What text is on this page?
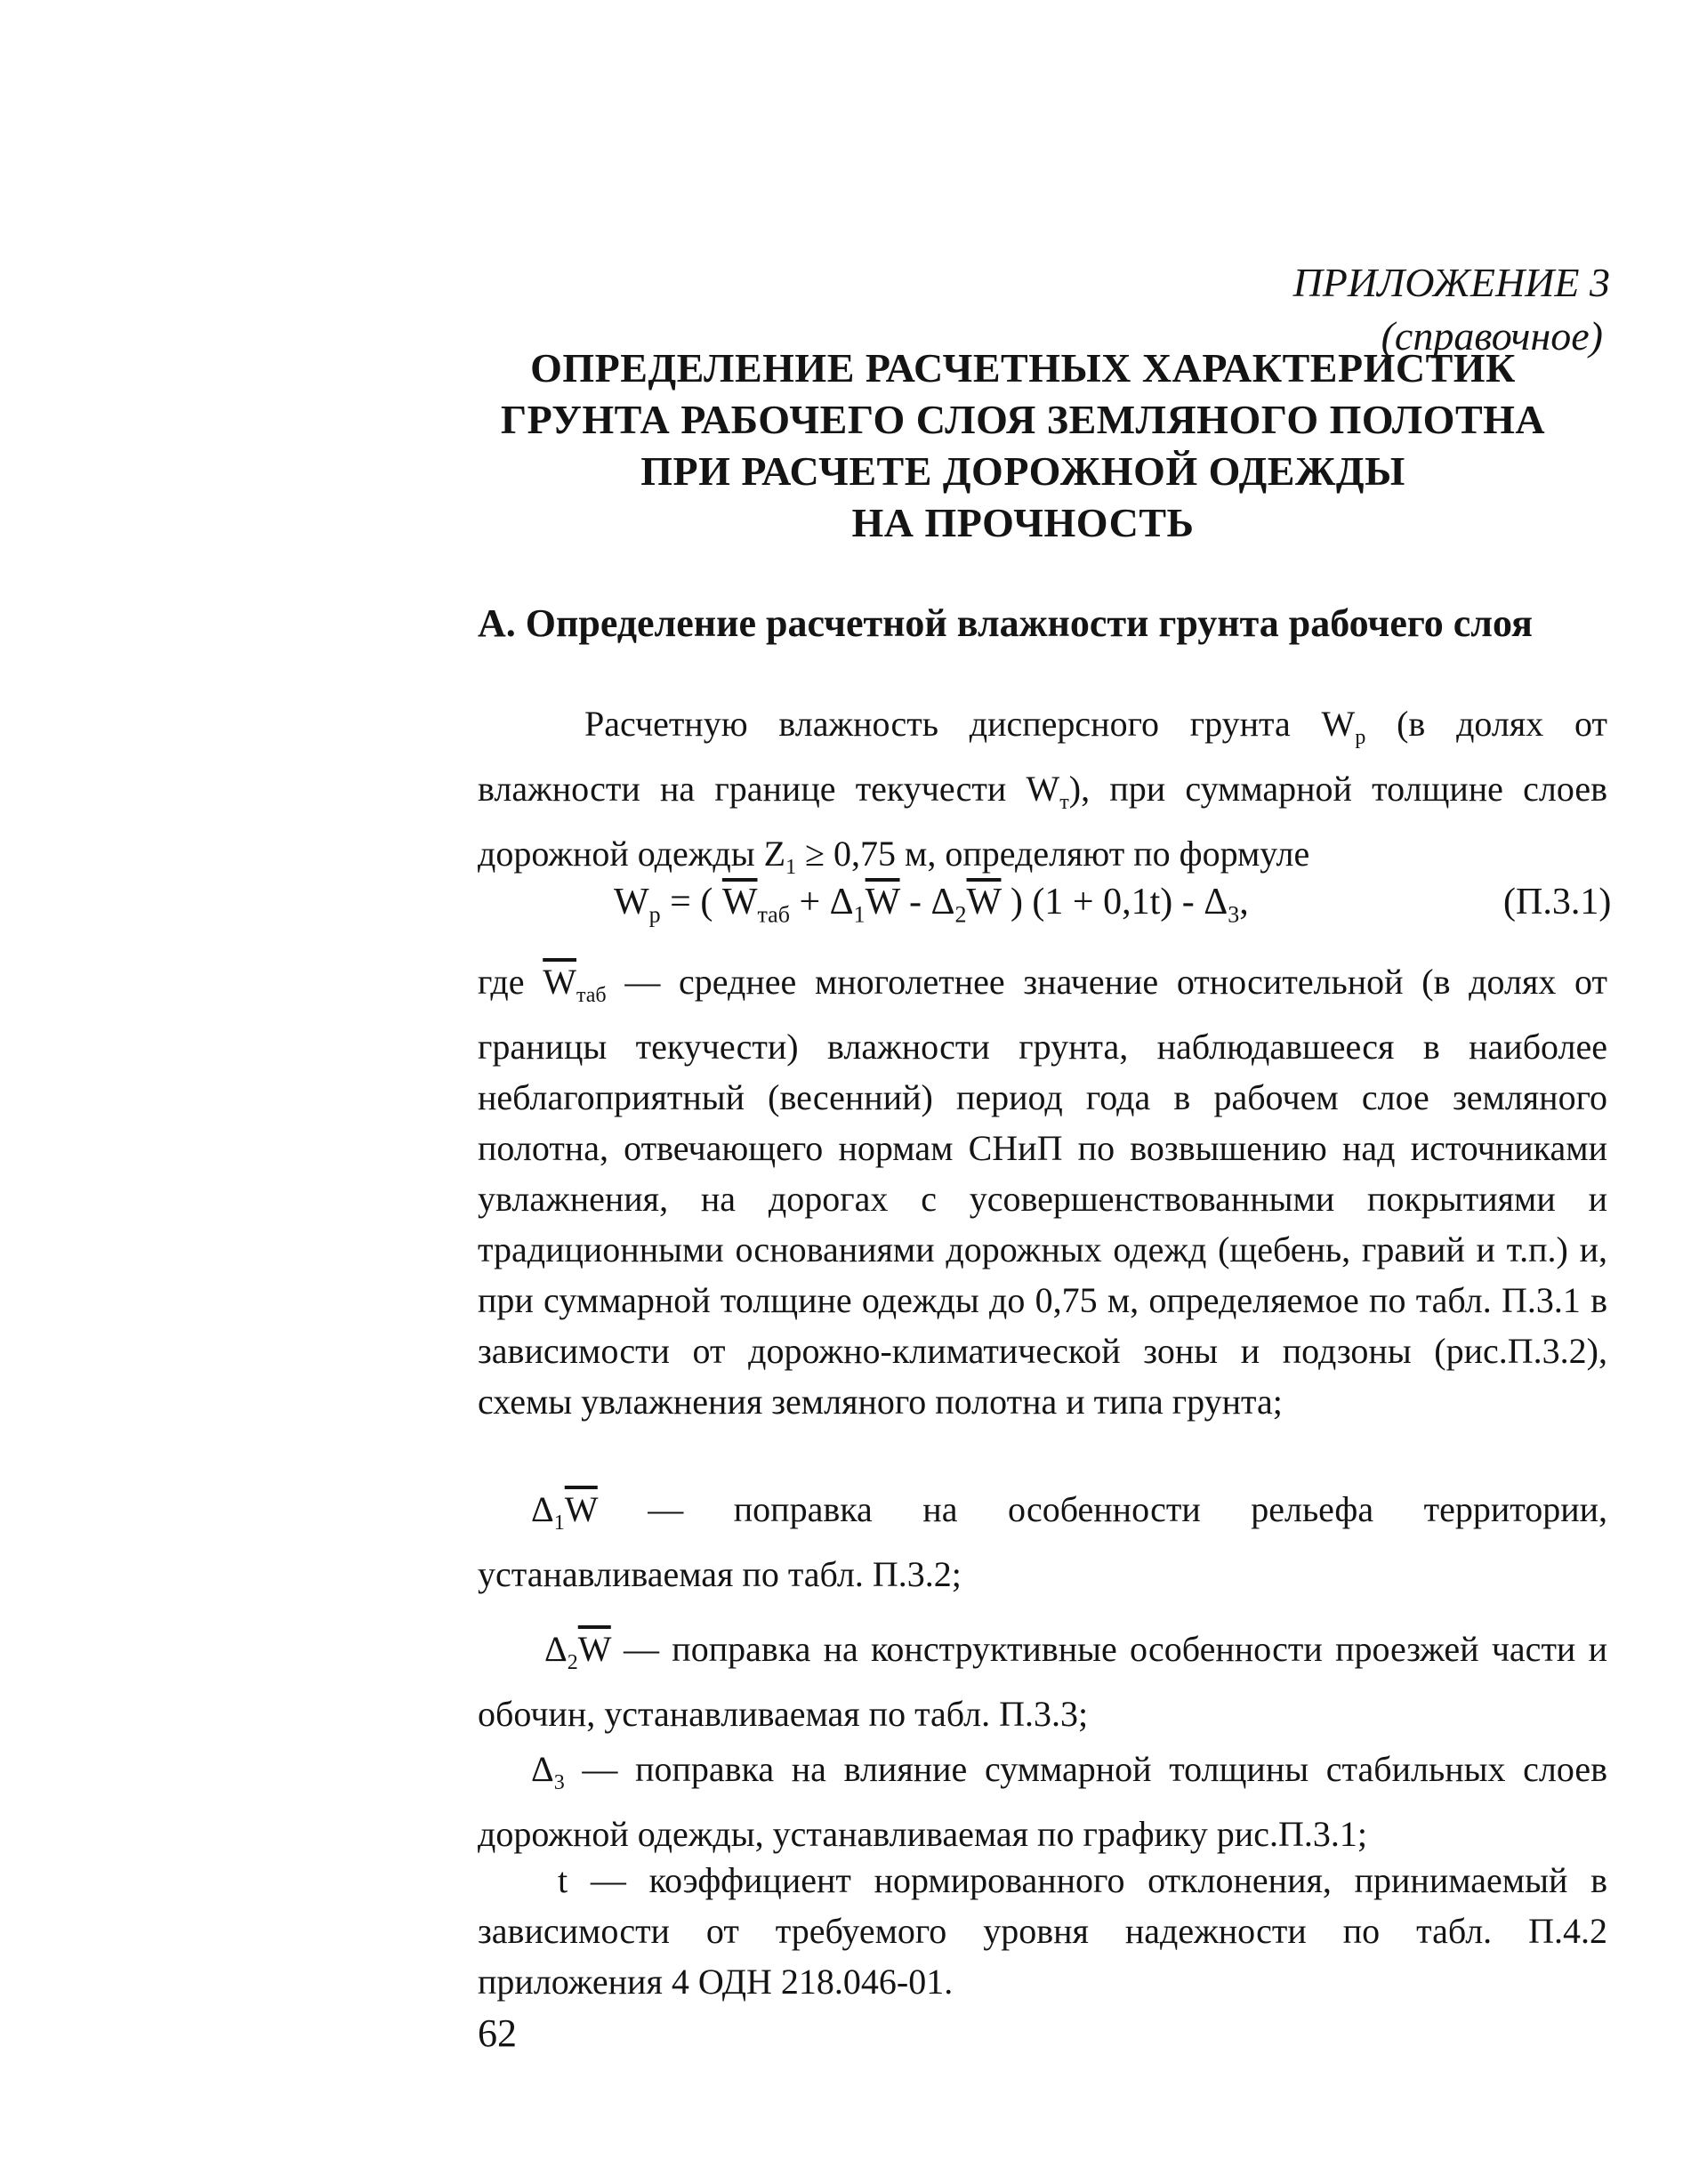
ПРИЛОЖЕНИЕ 3
(справочное)
ОПРЕДЕЛЕНИЕ РАСЧЕТНЫХ ХАРАКТЕРИСТИК
ГРУНТА РАБОЧЕГО СЛОЯ ЗЕМЛЯНОГО ПОЛОТНА
ПРИ РАСЧЕТЕ ДОРОЖНОЙ ОДЕЖДЫ
НА ПРОЧНОСТЬ
А. Определение расчетной влажности грунта рабочего слоя
Расчетную влажность дисперсного грунта $W_р$ (в долях от влажности на границе текучести $W_т$), при суммарной толщине слоев дорожной одежды $Z_1 \ge 0,75$ м, определяют по формуле
$W_р$ = ( $\overline{W}_{таб} + \Delta_1\overline{W} - \Delta_2\overline{W}$ ) $(1 + 0,1t) - \Delta_3$,	(П.3.1)
где $\overline{W}_{таб}$ — среднее многолетнее значение относительной (в долях от границы текучести) влажности грунта, наблюдавшееся в наиболее неблагоприятный (весенний) период года в рабочем слое земляного полотна, отвечающего нормам СНиП по возвышению над источниками увлажнения, на дорогах с усовершенствованными покрытиями и традиционными основаниями дорожных одежд (щебень, гравий и т.п.) и, при суммарной толщине одежды до 0,75 м, определяемое по табл. П.3.1 в зависимости от дорожно-климатической зоны и подзоны (рис.П.3.2), схемы увлажнения земляного полотна и типа грунта;
$\Delta_1\overline{W}$ — поправка на особенности рельефа территории, устанавливаемая по табл. П.3.2;
$\Delta_2\overline{W}$ — поправка на конструктивные особенности проезжей части и обочин, устанавливаемая по табл. П.3.3;
$\Delta_3$ — поправка на влияние суммарной толщины стабильных слоев дорожной одежды, устанавливаемая по графику рис.П.3.1;
t — коэффициент нормированного отклонения, принимаемый в зависимости от требуемого уровня надежности по табл. П.4.2 приложения 4 ОДН 218.046-01.
62
